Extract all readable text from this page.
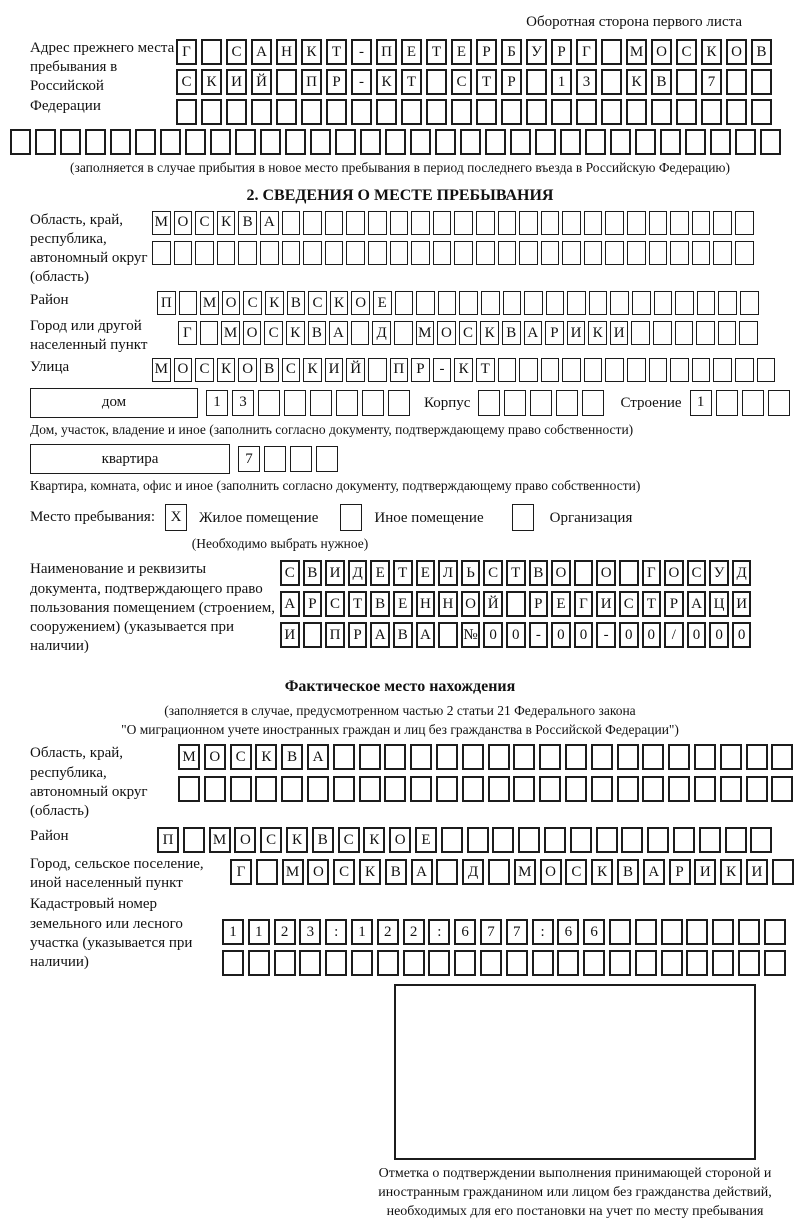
Оборотная сторона первого листа
Адрес прежнего места пребывания в Российской Федерации
Г	С А Н К	Т	-	П Е	Т	Е	Р	Б	У	Р	Г	М О С К О В
С К И Й	П	Р	-	К	Т	С	Т	Р	1	3	К В	7
(заполняется в случае прибытия в новое место пребывания в период последнего въезда в Российскую Федерацию)
2. СВЕДЕНИЯ О МЕСТЕ ПРЕБЫВАНИЯ
Область, край, республика, автономный округ (область)
М О С К В А
Район	П М О С К В С К О Е
Город или другой населенный пункт
Г	М О С К В А Д М О С К В А Р И К И
Улица	М О С К О В С К И Й П Р - К Т
дом	1	3	Корпус	Строение	1
Дом, участок, владение и иное (заполнить согласно документу, подтверждающему право собственности)
квартира	7
Квартира, комната, офис и иное (заполнить согласно документу, подтверждающему право собственности)
Место пребывания:	X	Жилое помещение	Иное помещение	Организация
(Необходимо выбрать нужное)
Наименование и реквизиты документа, подтверждающего право пользования помещением (строением, сооружением) (указывается при наличии)
С В И Д Е Т Е Л Ь С Т В О О	Г О С У Д
А Р С Т В Е Н Н О Й	Р Е Г И С Т Р А Ц И
И П Р А В А № 0	0	-	0	0	-	0	0	/	0	0	0
Фактическое место нахождения
(заполняется в случае, предусмотренном частью 2 статьи 21 Федерального закона
"О миграционном учете иностранных граждан и лиц без гражданства в Российской Федерации")
Область, край, республика, автономный округ (область)
М О	С	К	В	А
Район	П	М О	С	К	В	С	К	О	Е
Город, сельское поселение, иной населенный пункт
Г	М О	С	К	В	А	Д	М О	С	К	В	А	Р	И	К	И
Кадастровый номер земельного или лесного участка (указывается при наличии)
1	1	2	3	:	1	2	2	:	6	7	7	:	6	6
Отметка о подтверждении выполнения принимающей стороной и иностранным гражданином или лицом без гражданства действий, необходимых для его постановки на учет по месту пребывания
